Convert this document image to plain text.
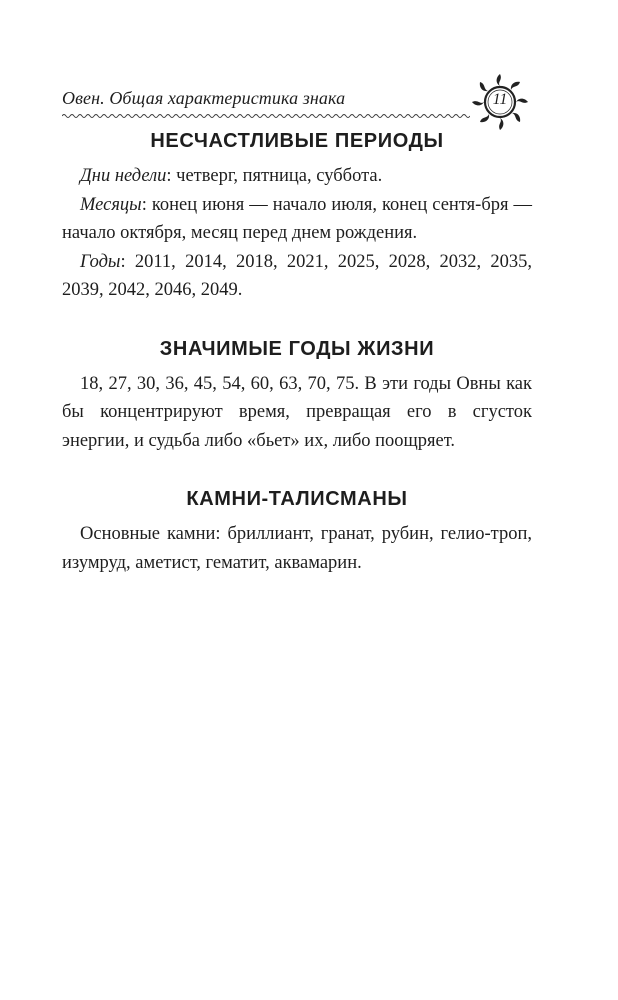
Овен. Общая характеристика знака	11
НЕСЧАСТЛИВЫЕ ПЕРИОДЫ

Дни недели: четверг, пятница, суббота.

Месяцы: конец июня — начало июля, конец сентя-бря — начало октября, месяц перед днем рождения.

Годы: 2011, 2014, 2018, 2021, 2025, 2028, 2032, 2035, 2039, 2042, 2046, 2049.

ЗНАЧИМЫЕ ГОДЫ ЖИЗНИ

18, 27, 30, 36, 45, 54, 60, 63, 70, 75. В эти годы Овны как бы концентрируют время, превращая его в сгусток энергии, и судьба либо «бьет» их, либо поощряет.

КАМНИ-ТАЛИСМАНЫ

Основные камни: бриллиант, гранат, рубин, гелио-троп, изумруд, аметист, гематит, аквамарин.
